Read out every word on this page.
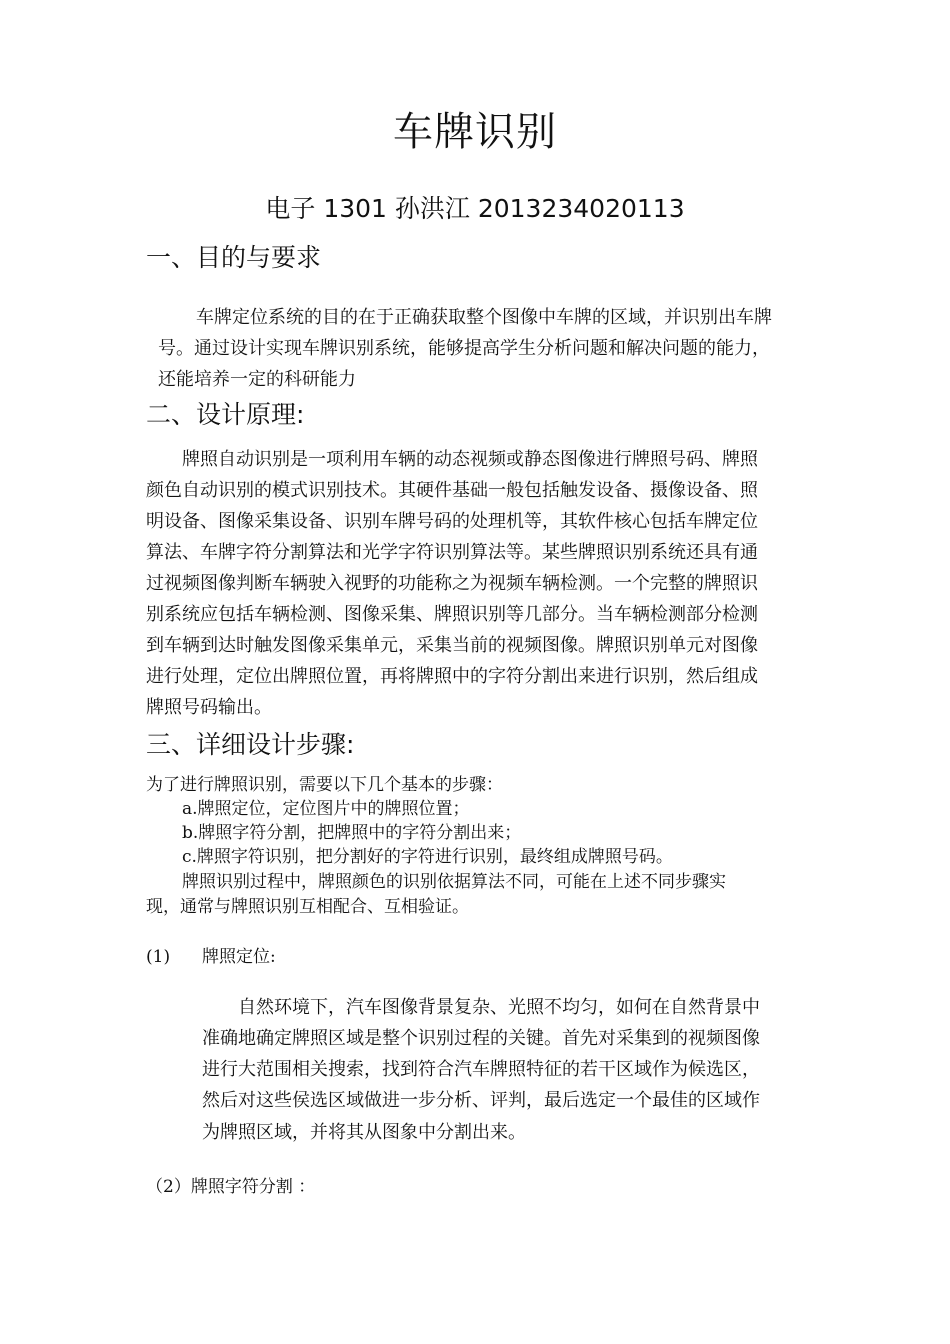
车牌识别
电子 1301 孙洪江 2013234020113
一、目的与要求
车牌定位系统的目的在于正确获取整个图像中车牌的区域，并识别出车牌
号。通过设计实现车牌识别系统，能够提高学生分析问题和解决问题的能力，
还能培养一定的科研能力
二、设计原理:
牌照自动识别是一项利用车辆的动态视频或静态图像进行牌照号码、牌照
颜色自动识别的模式识别技术。其硬件基础一般包括触发设备、摄像设备、照
明设备、图像采集设备、识别车牌号码的处理机等，其软件核心包括车牌定位
算法、车牌字符分割算法和光学字符识别算法等。某些牌照识别系统还具有通
过视频图像判断车辆驶入视野的功能称之为视频车辆检测。一个完整的牌照识
别系统应包括车辆检测、图像采集、牌照识别等几部分。当车辆检测部分检测
到车辆到达时触发图像采集单元，采集当前的视频图像。牌照识别单元对图像
进行处理，定位出牌照位置，再将牌照中的字符分割出来进行识别，然后组成
牌照号码输出。
三、详细设计步骤:
为了进行牌照识别，需要以下几个基本的步骤：
a.牌照定位，定位图片中的牌照位置；
b.牌照字符分割，把牌照中的字符分割出来；
c.牌照字符识别，把分割好的字符进行识别，最终组成牌照号码。
牌照识别过程中，牌照颜色的识别依据算法不同，可能在上述不同步骤实
现，通常与牌照识别互相配合、互相验证。
(1) 牌照定位:
自然环境下，汽车图像背景复杂、光照不均匀，如何在自然背景中
准确地确定牌照区域是整个识别过程的关键。首先对采集到的视频图像
进行大范围相关搜索，找到符合汽车牌照特征的若干区域作为候选区，
然后对这些侯选区域做进一步分析、评判，最后选定一个最佳的区域作
为牌照区域，并将其从图象中分割出来。
（2）牌照字符分割 ：
